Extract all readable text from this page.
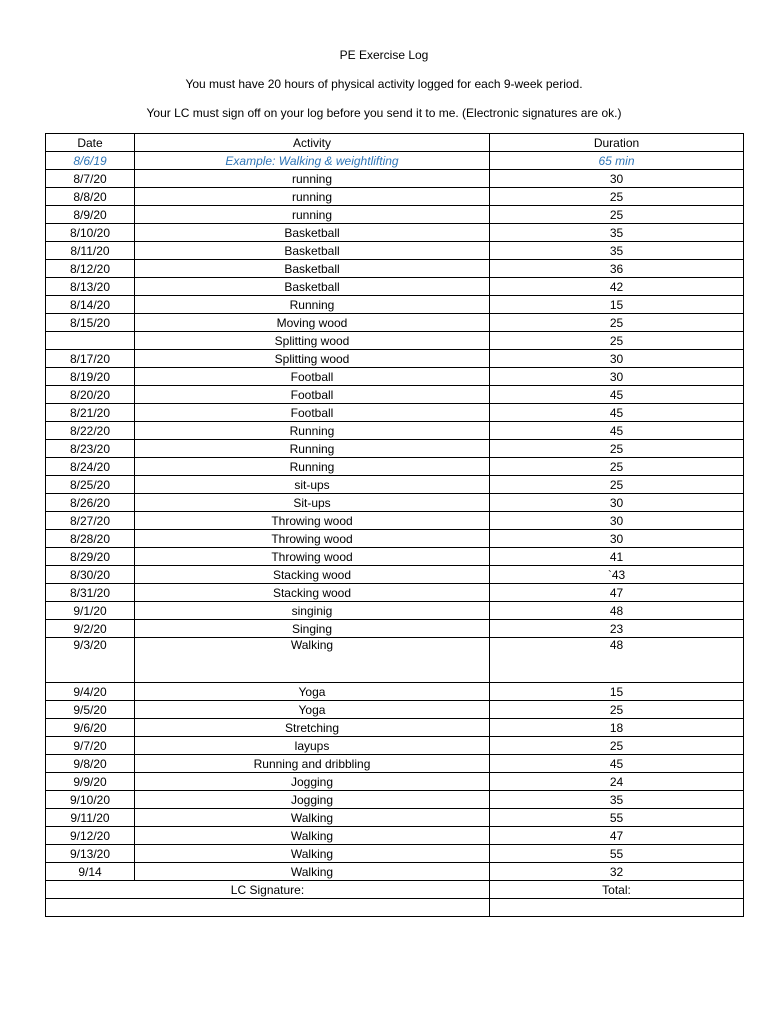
PE Exercise Log
You must have 20 hours of physical activity logged for each 9-week period.
Your LC must sign off on your log before you send it to me. (Electronic signatures are ok.)
Date	Activity	Duration
8/6/19	Example: Walking & weightlifting	65 min
8/7/20	running	30
8/8/20	running	25
8/9/20	running	25
8/10/20	Basketball	35
8/11/20	Basketball	35
8/12/20	Basketball	36
8/13/20	Basketball	42
8/14/20	Running	15
8/15/20	Moving wood	25
	Splitting wood	25
8/17/20	Splitting wood	30
8/19/20	Football	30
8/20/20	Football	45
8/21/20	Football	45
8/22/20	Running	45
8/23/20	Running	25
8/24/20	Running	25
8/25/20	sit-ups	25
8/26/20	Sit-ups	30
8/27/20	Throwing wood	30
8/28/20	Throwing wood	30
8/29/20	Throwing wood	41
8/30/20	Stacking wood	`43
8/31/20	Stacking wood	47
9/1/20	singinig	48
9/2/20	Singing	23
9/3/20	Walking	48
9/4/20	Yoga	15
9/5/20	Yoga	25
9/6/20	Stretching	18
9/7/20	layups	25
9/8/20	Running and dribbling	45
9/9/20	Jogging	24
9/10/20	Jogging	35
9/11/20	Walking	55
9/12/20	Walking	47
9/13/20	Walking	55
9/14	Walking	32
LC Signature:		Total:
